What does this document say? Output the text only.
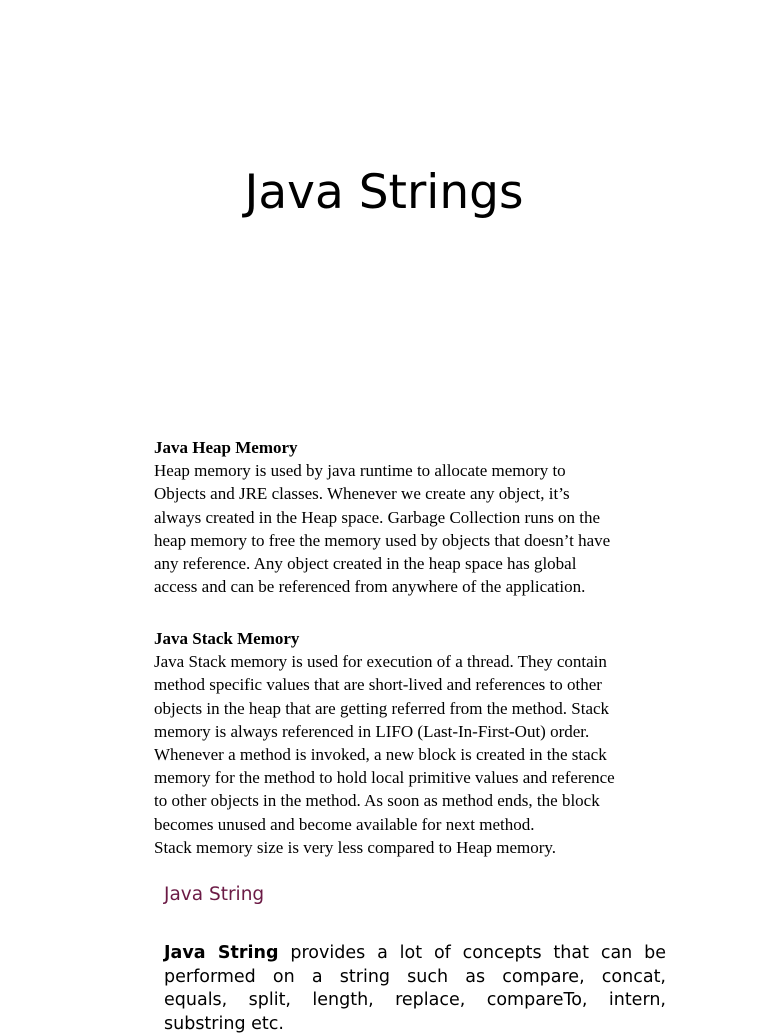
Java Strings
Java Heap Memory
Heap memory is used by java runtime to allocate memory to
Objects and JRE classes. Whenever we create any object, it’s
always created in the Heap space. Garbage Collection runs on the
heap memory to free the memory used by objects that doesn’t have
any reference. Any object created in the heap space has global
access and can be referenced from anywhere of the application.
Java Stack Memory
Java Stack memory is used for execution of a thread. They contain
method specific values that are short-lived and references to other
objects in the heap that are getting referred from the method. Stack
memory is always referenced in LIFO (Last-In-First-Out) order.
Whenever a method is invoked, a new block is created in the stack
memory for the method to hold local primitive values and reference
to other objects in the method. As soon as method ends, the block
becomes unused and become available for next method.
Stack memory size is very less compared to Heap memory.
Java String
Java String provides a lot of concepts that can be
performed on a string such as compare, concat,
equals, split, length, replace, compareTo, intern,
substring etc.
